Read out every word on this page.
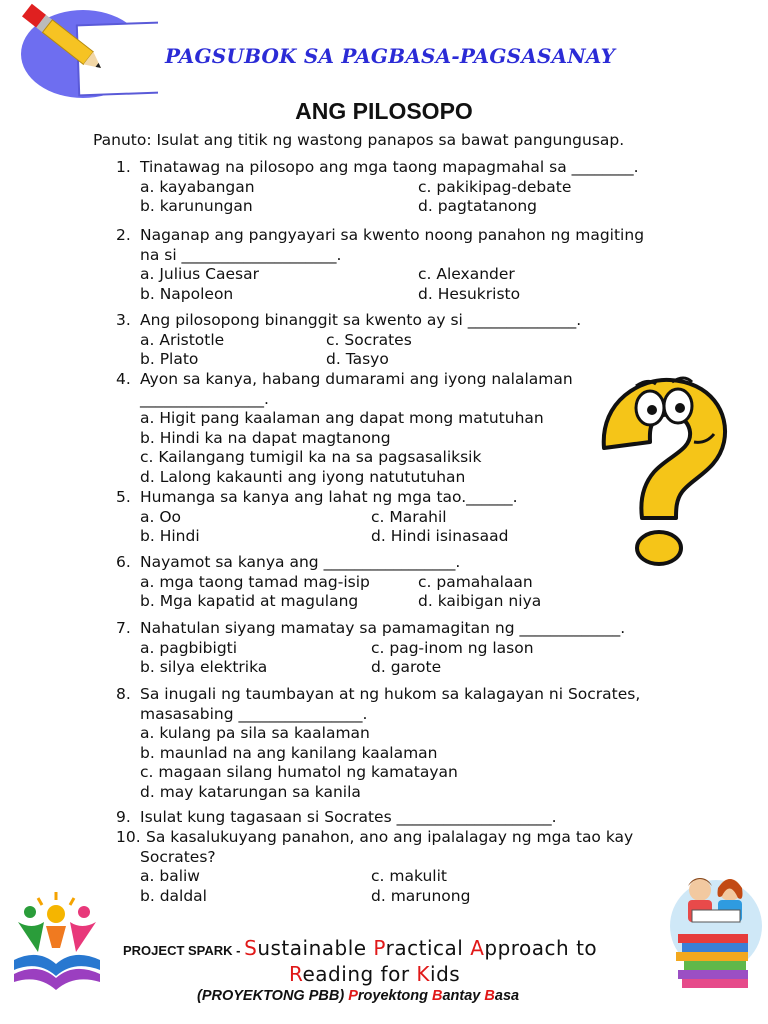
PAGSUBOK SA PAGBASA-PAGSASANAY
ANG PILOSOPO
Panuto: Isulat ang titik ng wastong panapos sa bawat pangungusap.
1. Tinatawag na pilosopo ang mga taong mapagmahal sa ________.
a. kayabangan	c. pakikipag-debate
b. karunungan	d. pagtatanong
2. Naganap ang pangyayari sa kwento noong panahon ng magiting
na si ____________________.
a. Julius Caesar	c. Alexander
b. Napoleon	d. Hesukristo
3. Ang pilosopong binanggit sa kwento ay si ______________.
a. Aristotle	c. Socrates
b. Plato	d. Tasyo
4. Ayon sa kanya, habang dumarami ang iyong nalalaman
________________.
a. Higit pang kaalaman ang dapat mong matutuhan
b. Hindi ka na dapat magtanong
c. Kailangang tumigil ka na sa pagsasaliksik
d. Lalong kakaunti ang iyong natututuhan
5. Humanga sa kanya ang lahat ng mga tao.______.
a. Oo	c. Marahil
b. Hindi	d. Hindi isinasaad
6. Nayamot sa kanya ang _________________.
a. mga taong tamad mag-isip	c. pamahalaan
b. Mga kapatid at magulang	d. kaibigan niya
7. Nahatulan siyang mamatay sa pamamagitan ng _____________.
a. pagbibigti	c. pag-inom ng lason
b. silya elektrika	d. garote
8. Sa inugali ng taumbayan at ng hukom sa kalagayan ni Socrates,
masasabing ________________.
a. kulang pa sila sa kaalaman
b. maunlad na ang kanilang kaalaman
c. magaan silang humatol ng kamatayan
d. may katarungan sa kanila
9. Isulat kung tagasaan si Socrates ____________________.
10. Sa kasalukuyang panahon, ano ang ipalalagay ng mga tao kay
Socrates?
a. baliw	c. makulit
b. daldal	d. marunong
PROJECT SPARK - Sustainable Practical Approach to
Reading for Kids
(PROYEKTONG PBB) Proyektong Bantay Basa
